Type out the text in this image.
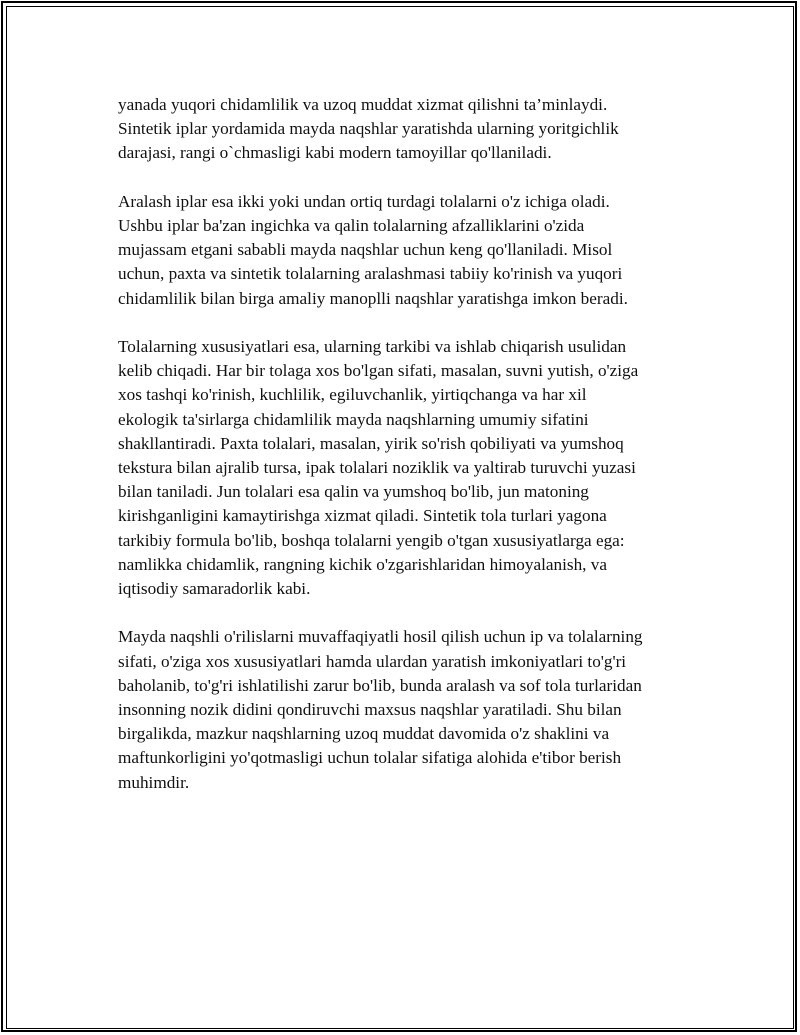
yanada yuqori chidamlilik va uzoq muddat xizmat qilishni ta’minlaydi.
Sintetik iplar yordamida mayda naqshlar yaratishda ularning yoritgichlik
darajasi, rangi o`chmasligi kabi modern tamoyillar qo'llaniladi.

Aralash iplar esa ikki yoki undan ortiq turdagi tolalarni o'z ichiga oladi.
Ushbu iplar ba'zan ingichka va qalin tolalarning afzalliklarini o'zida
mujassam etgani sababli mayda naqshlar uchun keng qo'llaniladi. Misol
uchun, paxta va sintetik tolalarning aralashmasi tabiiy ko'rinish va yuqori
chidamlilik bilan birga amaliy manoplli naqshlar yaratishga imkon beradi.

Tolalarning xususiyatlari esa, ularning tarkibi va ishlab chiqarish usulidan
kelib chiqadi. Har bir tolaga xos bo'lgan sifati, masalan, suvni yutish, o'ziga
xos tashqi ko'rinish, kuchlilik, egiluvchanlik, yirtiqchanga va har xil
ekologik ta'sirlarga chidamlilik mayda naqshlarning umumiy sifatini
shakllantiradi. Paxta tolalari, masalan, yirik so'rish qobiliyati va yumshoq
tekstura bilan ajralib tursa, ipak tolalari noziklik va yaltirab turuvchi yuzasi
bilan taniladi. Jun tolalari esa qalin va yumshoq bo'lib, jun matoning
kirishganligini kamaytirishga xizmat qiladi. Sintetik tola turlari yagona
tarkibiy formula bo'lib, boshqa tolalarni yengib o'tgan xususiyatlarga ega:
namlikka chidamlik, rangning kichik o'zgarishlaridan himoyalanish, va
iqtisodiy samaradorlik kabi.

Mayda naqshli o'rilislarni muvaffaqiyatli hosil qilish uchun ip va tolalarning
sifati, o'ziga xos xususiyatlari hamda ulardan yaratish imkoniyatlari to'g'ri
baholanib, to'g'ri ishlatilishi zarur bo'lib, bunda aralash va sof tola turlaridan
insonning nozik didini qondiruvchi maxsus naqshlar yaratiladi. Shu bilan
birgalikda, mazkur naqshlarning uzoq muddat davomida o'z shaklini va
maftunkorligini yo'qotmasligi uchun tolalar sifatiga alohida e'tibor berish
muhimdir.
